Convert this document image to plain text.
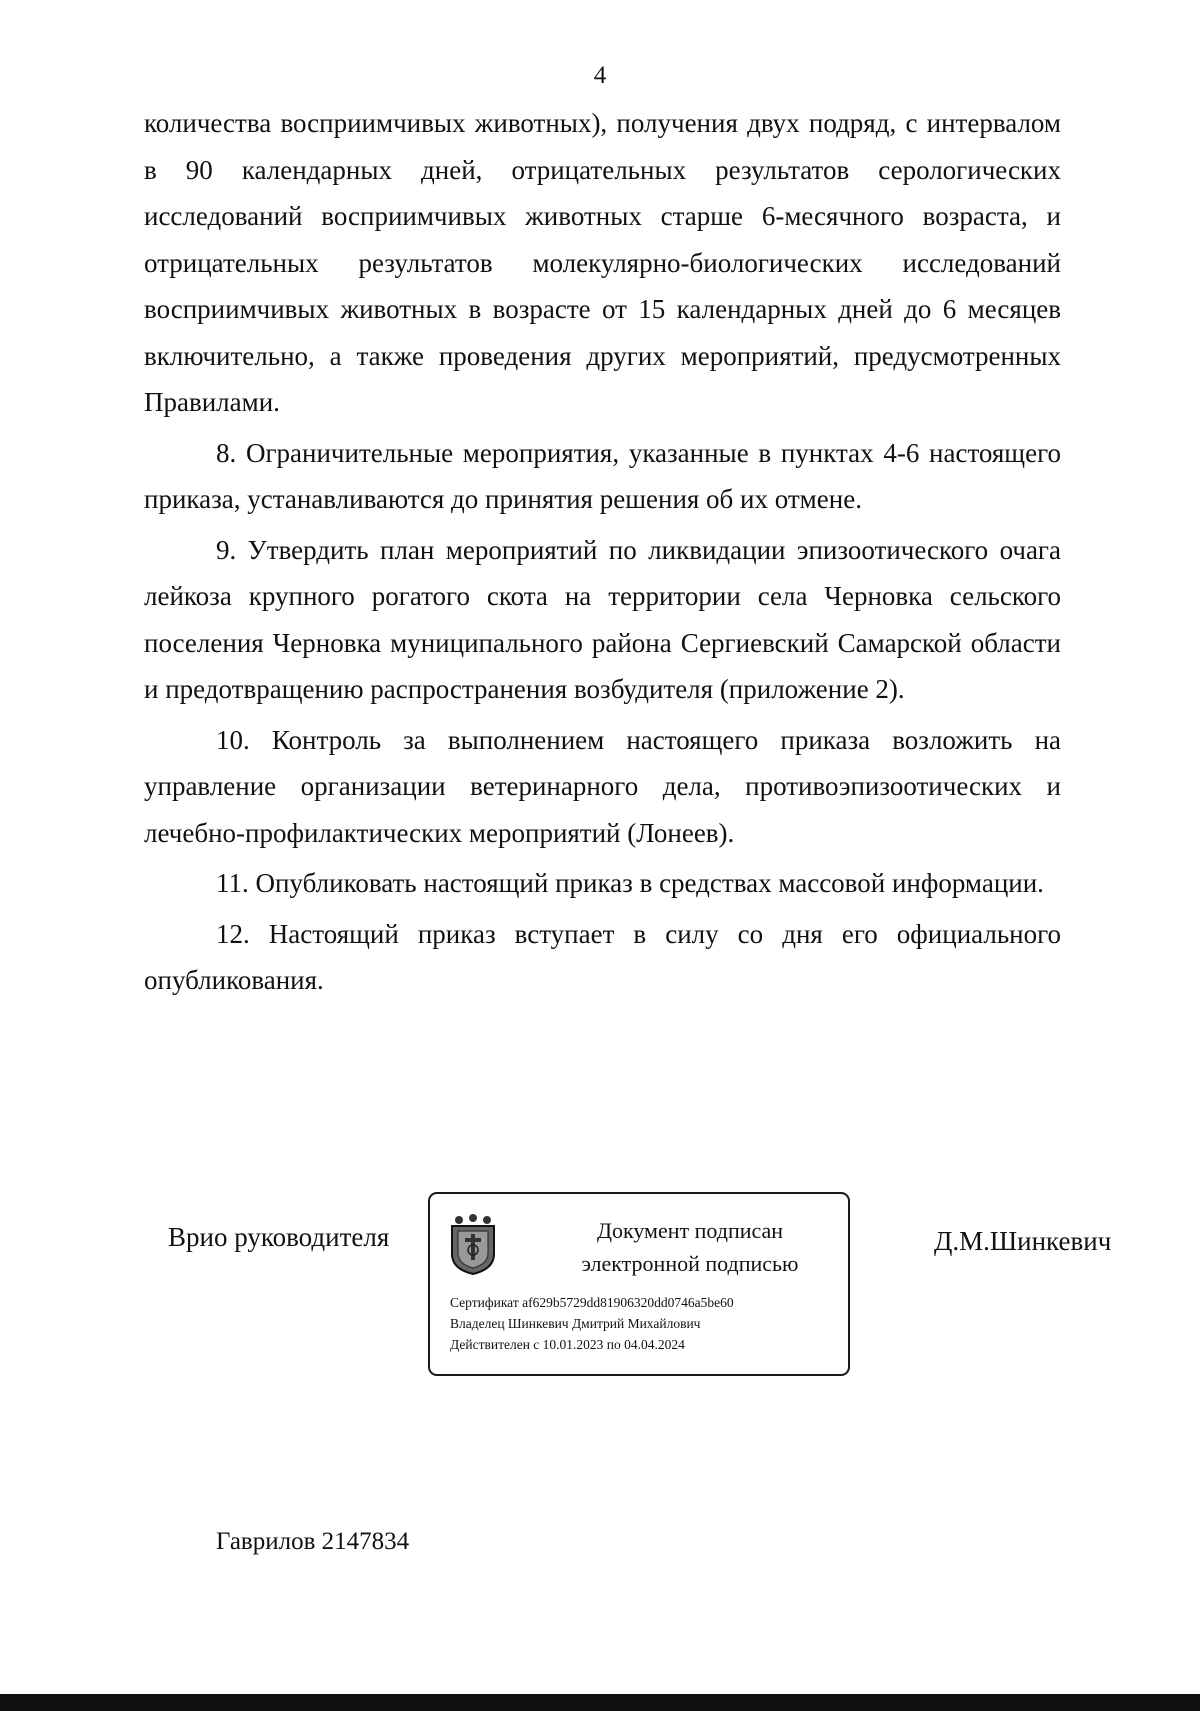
4

количества восприимчивых животных), получения двух подряд, с интервалом в 90 календарных дней, отрицательных результатов серологических исследований восприимчивых животных старше 6-месячного возраста, и отрицательных результатов молекулярно-биологических исследований восприимчивых животных в возрасте от 15 календарных дней до 6 месяцев включительно, а также проведения других мероприятий, предусмотренных Правилами.

8. Ограничительные мероприятия, указанные в пунктах 4-6 настоящего приказа, устанавливаются до принятия решения об их отмене.

9. Утвердить план мероприятий по ликвидации эпизоотического очага лейкоза крупного рогатого скота на территории села Черновка сельского поселения Черновка муниципального района Сергиевский Самарской области и предотвращению распространения возбудителя (приложение 2).

10. Контроль за выполнением настоящего приказа возложить на управление организации ветеринарного дела, противоэпизоотических и лечебно-профилактических мероприятий (Лонеев).

11. Опубликовать настоящий приказ в средствах массовой информации.

12. Настоящий приказ вступает в силу со дня его официального опубликования.

Врио руководителя	Документ подписан
электронной подписью
Сертификат af629b5729dd81906320dd0746a5be60
Владелец Шинкевич Дмитрий Михайлович
Действителен с 10.01.2023 по 04.04.2024
Д.М.Шинкевич
Гаврилов 2147834
